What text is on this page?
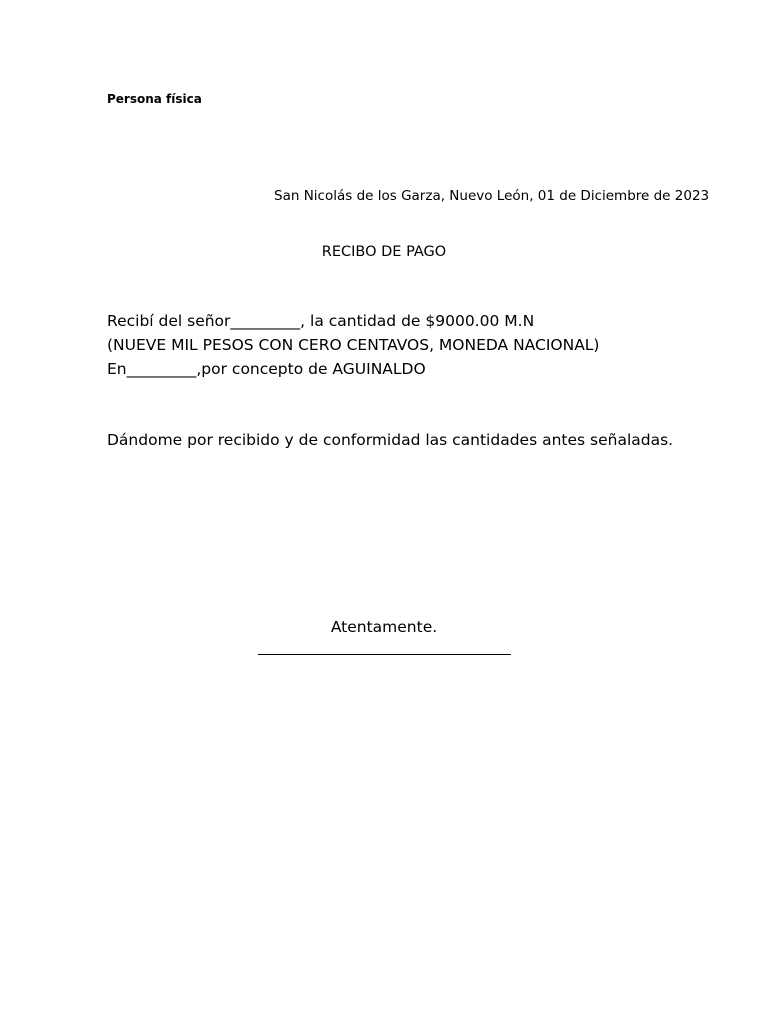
Persona física
San Nicolás de los Garza, Nuevo León, 01 de Diciembre de 2023
RECIBO DE PAGO
Recibí del señor_________, la cantidad de $9000.00 M.N
(NUEVE MIL PESOS CON CERO CENTAVOS, MONEDA NACIONAL)
En_________,por concepto de AGUINALDO
Dándome por recibido y de conformidad las cantidades antes señaladas.
Atentamente.
